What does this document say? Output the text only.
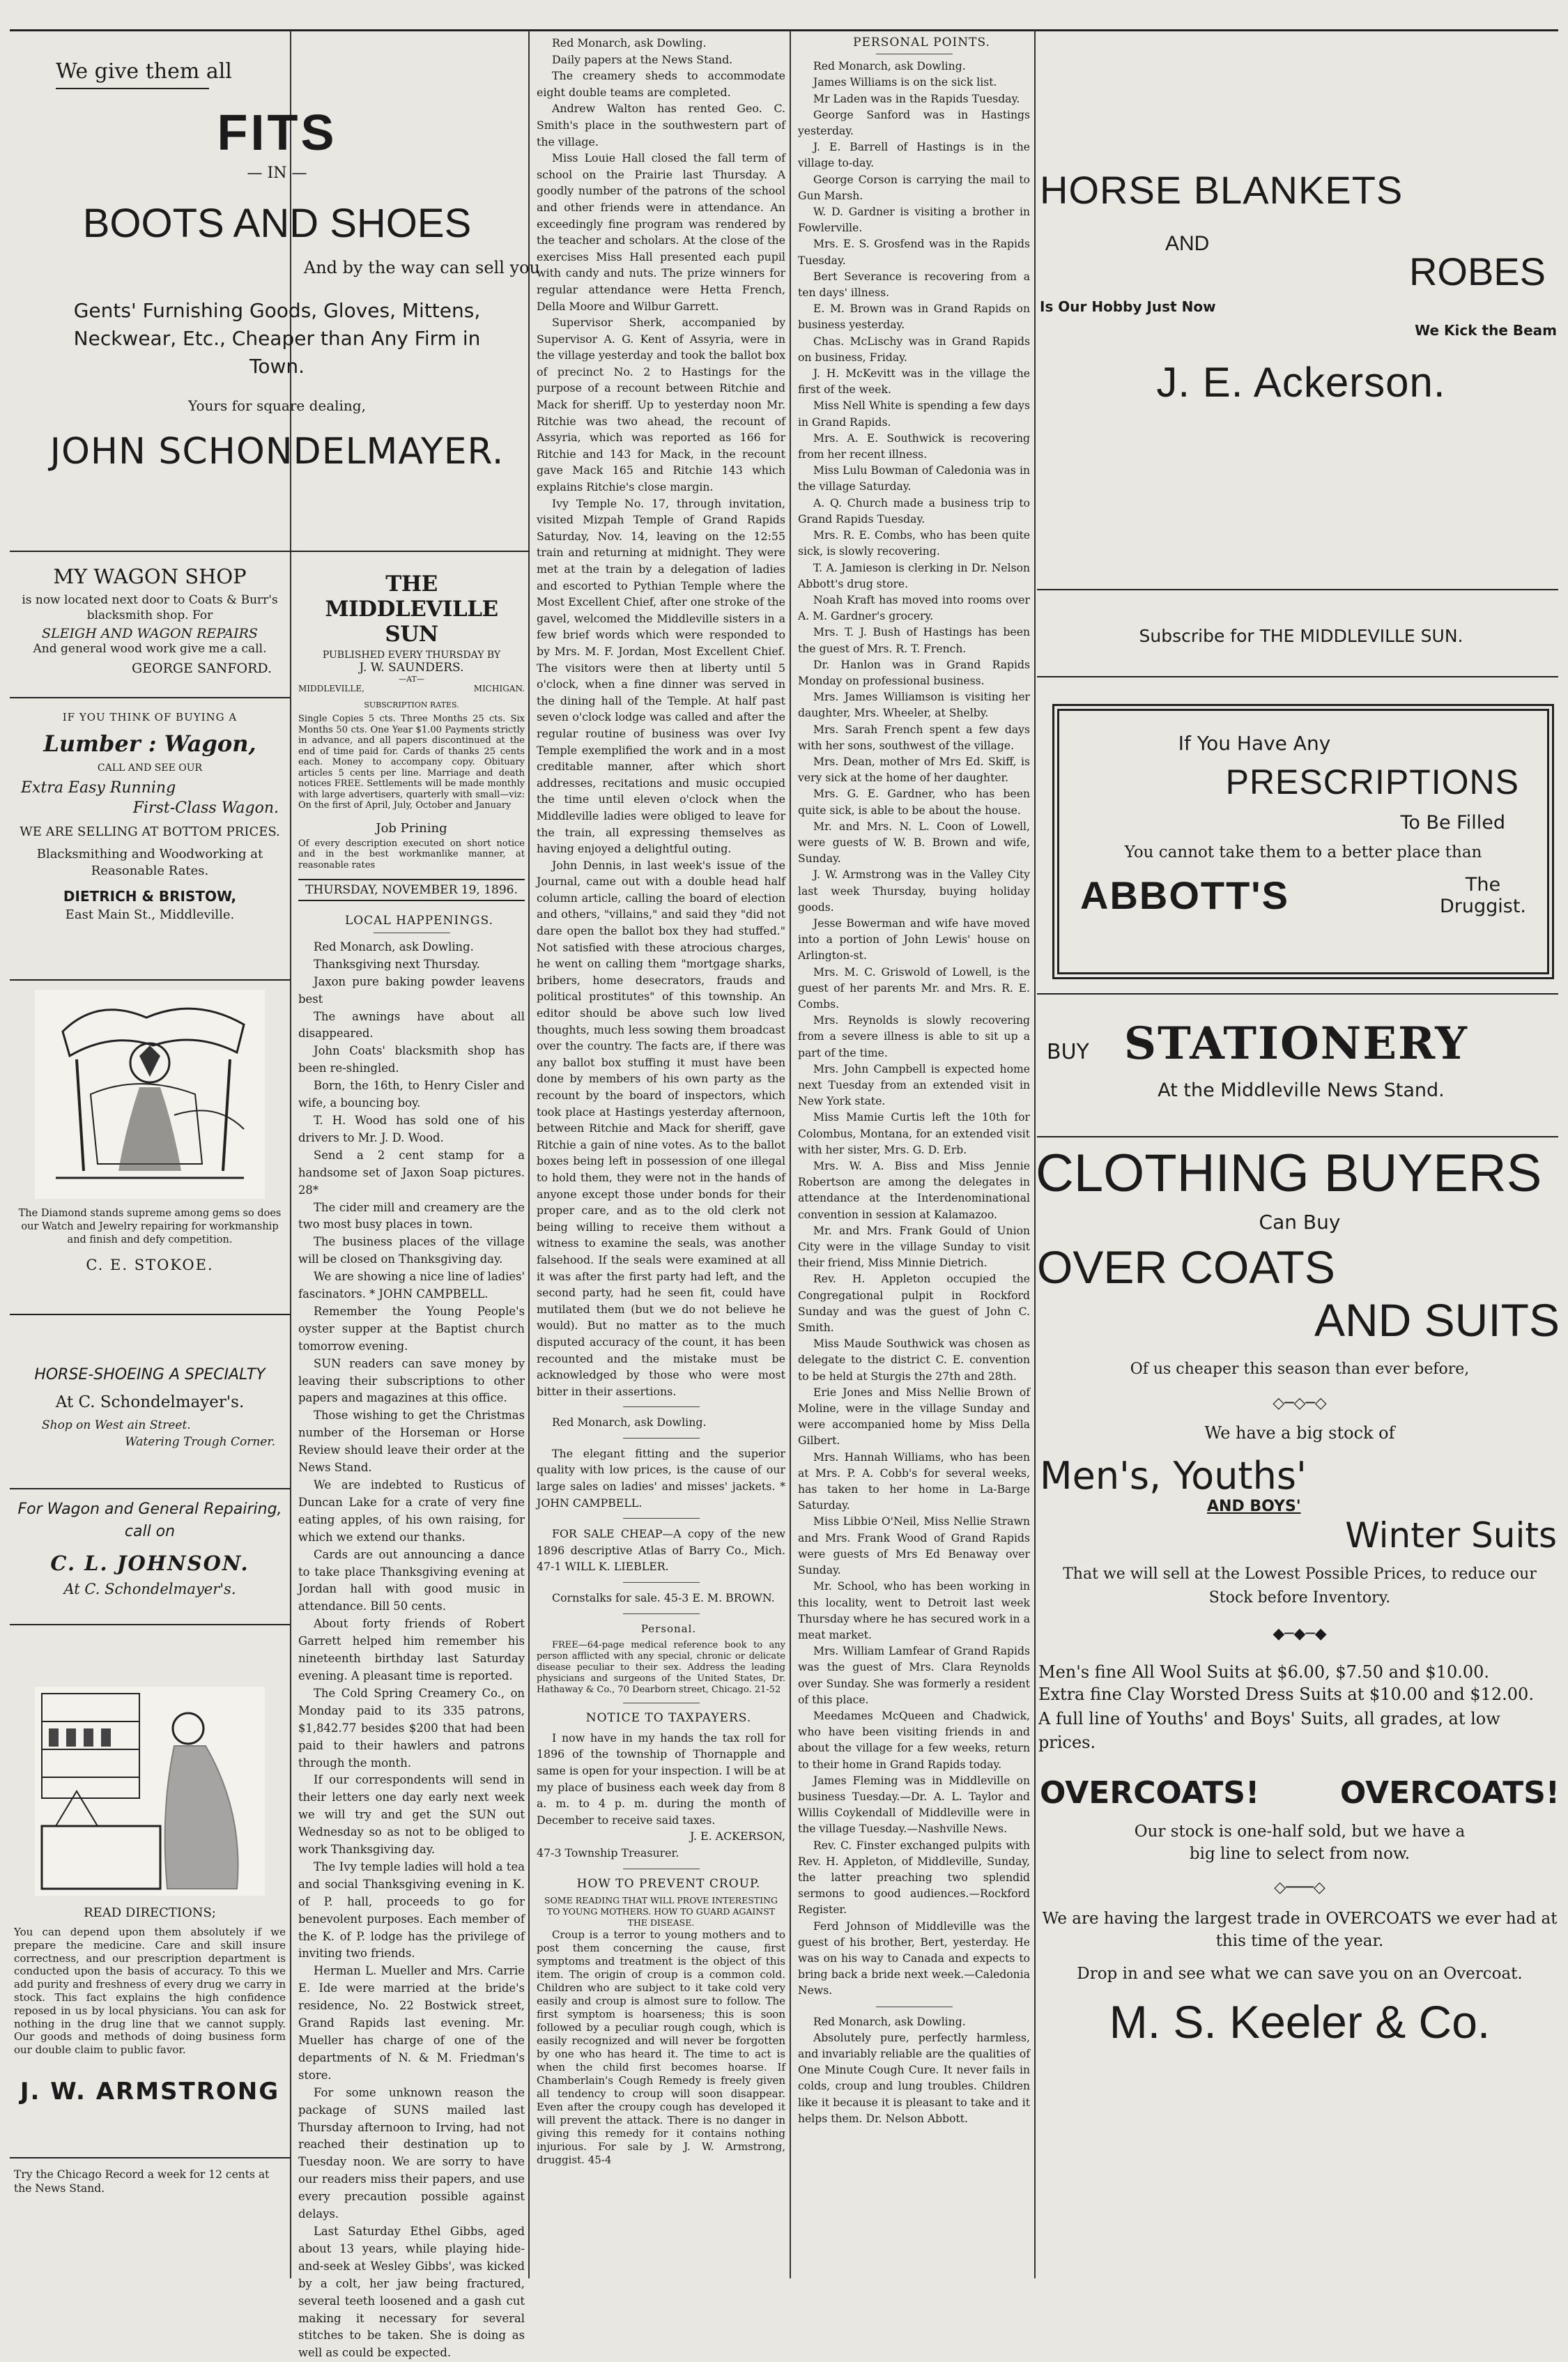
We give them all

FITS

— IN —

BOOTS AND SHOES

And by the way can sell you

Gents' Furnishing Goods, Gloves, Mittens, Neckwear, Etc., Cheaper than Any Firm in Town.

Yours for square dealing,

JOHN SCHONDELMAYER.

MY WAGON SHOP

is now located next door to Coats & Burr's blacksmith shop. For

SLEIGH AND WAGON REPAIRS

And general wood work give me a call.

GEORGE SANFORD.

IF YOU THINK OF BUYING A

Lumber : Wagon,

CALL AND SEE OUR

Extra Easy Running

First-Class Wagon.

WE ARE SELLING AT BOTTOM PRICES.

Blacksmithing and Woodworking at Reasonable Rates.

DIETRICH & BRISTOW,

East Main St., Middleville.

The Diamond stands supreme among gems so does our Watch and Jewelry repairing for workmanship and finish and defy competition.

C. E. STOKOE.

HORSE-SHOEING A SPECIALTY

At C. Schondelmayer's.

Shop on West ain Street.

Watering Trough Corner.

For Wagon and General Repairing, call on

C. L. JOHNSON.

At C. Schondelmayer's.

READ DIRECTIONS;

You can depend upon them absolutely if we prepare the medicine. Care and skill insure correctness, and our prescription department is conducted upon the basis of accuracy. To this we add purity and freshness of every drug we carry in stock. This fact explains the high confidence reposed in us by local physicians. You can ask for nothing in the drug line that we cannot supply. Our goods and methods of doing business form our double claim to public favor.

J. W. ARMSTRONG

Try the Chicago Record a week for 12 cents at the News Stand.

THE MIDDLEVILLE SUN

PUBLISHED EVERY THURSDAY BY

J. W. SAUNDERS.

—AT—

MIDDLEVILLE,	MICHIGAN.

SUBSCRIPTION RATES.

Single Copies 5 cts. Three Months 25 cts. Six Months 50 cts. One Year $1.00 Payments strictly in advance, and all papers discontinued at the end of time paid for. Cards of thanks 25 cents each. Money to accompany copy. Obituary articles 5 cents per line. Marriage and death notices FREE. Settlements will be made monthly with large advertisers, quarterly with small—viz: On the first of April, July, October and January

Job Prining

Of every description executed on short notice and in the best workmanlike manner, at reasonable rates

THURSDAY, NOVEMBER 19, 1896.

LOCAL HAPPENINGS.

Red Monarch, ask Dowling.

Thanksgiving next Thursday.

Jaxon pure baking powder leavens best

The awnings have about all disappeared.

John Coats' blacksmith shop has been re-shingled.

Born, the 16th, to Henry Cisler and wife, a bouncing boy.

T. H. Wood has sold one of his drivers to Mr. J. D. Wood.

Send a 2 cent stamp for a handsome set of Jaxon Soap pictures. 28*

The cider mill and creamery are the two most busy places in town.

The business places of the village will be closed on Thanksgiving day.

We are showing a nice line of ladies' fascinators. * JOHN CAMPBELL.

Remember the Young People's oyster supper at the Baptist church tomorrow evening.

SUN readers can save money by leaving their subscriptions to other papers and magazines at this office.

Those wishing to get the Christmas number of the Horseman or Horse Review should leave their order at the News Stand.

We are indebted to Rusticus of Duncan Lake for a crate of very fine eating apples, of his own raising, for which we extend our thanks.

Cards are out announcing a dance to take place Thanksgiving evening at Jordan hall with good music in attendance. Bill 50 cents.

About forty friends of Robert Garrett helped him remember his nineteenth birthday last Saturday evening. A pleasant time is reported.

The Cold Spring Creamery Co., on Monday paid to its 335 patrons, $1,842.77 besides $200 that had been paid to their hawlers and patrons through the month.

If our correspondents will send in their letters one day early next week we will try and get the SUN out Wednesday so as not to be obliged to work Thanksgiving day.

The Ivy temple ladies will hold a tea and social Thanksgiving evening in K. of P. hall, proceeds to go for benevolent purposes. Each member of the K. of P. lodge has the privilege of inviting two friends.

Herman L. Mueller and Mrs. Carrie E. Ide were married at the bride's residence, No. 22 Bostwick street, Grand Rapids last evening. Mr. Mueller has charge of one of the departments of N. & M. Friedman's store.

For some unknown reason the package of SUNS mailed last Thursday afternoon to Irving, had not reached their destination up to Tuesday noon. We are sorry to have our readers miss their papers, and use every precaution possible against delays.

Last Saturday Ethel Gibbs, aged about 13 years, while playing hide-and-seek at Wesley Gibbs', was kicked by a colt, her jaw being fractured, several teeth loosened and a gash cut making it necessary for several stitches to be taken. She is doing as well as could be expected.

Red Monarch, ask Dowling.

Daily papers at the News Stand.

The creamery sheds to accommodate eight double teams are completed.

Andrew Walton has rented Geo. C. Smith's place in the southwestern part of the village.

Miss Louie Hall closed the fall term of school on the Prairie last Thursday. A goodly number of the patrons of the school and other friends were in attendance. An exceedingly fine program was rendered by the teacher and scholars. At the close of the exercises Miss Hall presented each pupil with candy and nuts. The prize winners for regular attendance were Hetta French, Della Moore and Wilbur Garrett.

Supervisor Sherk, accompanied by Supervisor A. G. Kent of Assyria, were in the village yesterday and took the ballot box of precinct No. 2 to Hastings for the purpose of a recount between Ritchie and Mack for sheriff. Up to yesterday noon Mr. Ritchie was two ahead, the recount of Assyria, which was reported as 166 for Ritchie and 143 for Mack, in the recount gave Mack 165 and Ritchie 143 which explains Ritchie's close margin.

Ivy Temple No. 17, through invitation, visited Mizpah Temple of Grand Rapids Saturday, Nov. 14, leaving on the 12:55 train and returning at midnight. They were met at the train by a delegation of ladies and escorted to Pythian Temple where the Most Excellent Chief, after one stroke of the gavel, welcomed the Middleville sisters in a few brief words which were responded to by Mrs. M. F. Jordan, Most Excellent Chief. The visitors were then at liberty until 5 o'clock, when a fine dinner was served in the dining hall of the Temple. At half past seven o'clock lodge was called and after the regular routine of business was over Ivy Temple exemplified the work and in a most creditable manner, after which short addresses, recitations and music occupied the time until eleven o'clock when the Middleville ladies were obliged to leave for the train, all expressing themselves as having enjoyed a delightful outing.

John Dennis, in last week's issue of the Journal, came out with a double head half column article, calling the board of election and others, "villains," and said they "did not dare open the ballot box they had stuffed." Not satisfied with these atrocious charges, he went on calling them "mortgage sharks, bribers, home desecrators, frauds and political prostitutes" of this township. An editor should be above such low lived thoughts, much less sowing them broadcast over the country. The facts are, if there was any ballot box stuffing it must have been done by members of his own party as the recount by the board of inspectors, which took place at Hastings yesterday afternoon, between Ritchie and Mack for sheriff, gave Ritchie a gain of nine votes. As to the ballot boxes being left in possession of one illegal to hold them, they were not in the hands of anyone except those under bonds for their proper care, and as to the old clerk not being willing to receive them without a witness to examine the seals, was another falsehood. If the seals were examined at all it was after the first party had left, and the second party, had he seen fit, could have mutilated them (but we do not believe he would). But no matter as to the much disputed accuracy of the count, it has been recounted and the mistake must be acknowledged by those who were most bitter in their assertions.

Red Monarch, ask Dowling.

The elegant fitting and the superior quality with low prices, is the cause of our large sales on ladies' and misses' jackets. * JOHN CAMPBELL.

FOR SALE CHEAP—A copy of the new 1896 descriptive Atlas of Barry Co., Mich. 47-1 WILL K. LIEBLER.

Cornstalks for sale. 45-3 E. M. BROWN.

Personal.

FREE—64-page medical reference book to any person afflicted with any special, chronic or delicate disease peculiar to their sex. Address the leading physicians and surgeons of the United States, Dr. Hathaway & Co., 70 Dearborn street, Chicago. 21-52

NOTICE TO TAXPAYERS.

I now have in my hands the tax roll for 1896 of the township of Thornapple and same is open for your inspection. I will be at my place of business each week day from 8 a. m. to 4 p. m. during the month of December to receive said taxes.

J. E. ACKERSON,

47-3 Township Treasurer.

HOW TO PREVENT CROUP.

SOME READING THAT WILL PROVE INTERESTING TO YOUNG MOTHERS. HOW TO GUARD AGAINST THE DISEASE.

Croup is a terror to young mothers and to post them concerning the cause, first symptoms and treatment is the object of this item. The origin of croup is a common cold. Children who are subject to it take cold very easily and croup is almost sure to follow. The first symptom is hoarseness; this is soon followed by a peculiar rough cough, which is easily recognized and will never be forgotten by one who has heard it. The time to act is when the child first becomes hoarse. If Chamberlain's Cough Remedy is freely given all tendency to croup will soon disappear. Even after the croupy cough has developed it will prevent the attack. There is no danger in giving this remedy for it contains nothing injurious. For sale by J. W. Armstrong, druggist. 45-4

PERSONAL POINTS.

Red Monarch, ask Dowling.

James Williams is on the sick list.

Mr Laden was in the Rapids Tuesday.

George Sanford was in Hastings yesterday.

J. E. Barrell of Hastings is in the village to-day.

George Corson is carrying the mail to Gun Marsh.

W. D. Gardner is visiting a brother in Fowlerville.

Mrs. E. S. Grosfend was in the Rapids Tuesday.

Bert Severance is recovering from a ten days' illness.

E. M. Brown was in Grand Rapids on business yesterday.

Chas. McLischy was in Grand Rapids on business, Friday.

J. H. McKevitt was in the village the first of the week.

Miss Nell White is spending a few days in Grand Rapids.

Mrs. A. E. Southwick is recovering from her recent illness.

Miss Lulu Bowman of Caledonia was in the village Saturday.

A. Q. Church made a business trip to Grand Rapids Tuesday.

Mrs. R. E. Combs, who has been quite sick, is slowly recovering.

T. A. Jamieson is clerking in Dr. Nelson Abbott's drug store.

Noah Kraft has moved into rooms over A. M. Gardner's grocery.

Mrs. T. J. Bush of Hastings has been the guest of Mrs. R. T. French.

Dr. Hanlon was in Grand Rapids Monday on professional business.

Mrs. James Williamson is visiting her daughter, Mrs. Wheeler, at Shelby.

Mrs. Sarah French spent a few days with her sons, southwest of the village.

Mrs. Dean, mother of Mrs Ed. Skiff, is very sick at the home of her daughter.

Mrs. G. E. Gardner, who has been quite sick, is able to be about the house.

Mr. and Mrs. N. L. Coon of Lowell, were guests of W. B. Brown and wife, Sunday.

J. W. Armstrong was in the Valley City last week Thursday, buying holiday goods.

Jesse Bowerman and wife have moved into a portion of John Lewis' house on Arlington-st.

Mrs. M. C. Griswold of Lowell, is the guest of her parents Mr. and Mrs. R. E. Combs.

Mrs. Reynolds is slowly recovering from a severe illness is able to sit up a part of the time.

Mrs. John Campbell is expected home next Tuesday from an extended visit in New York state.

Miss Mamie Curtis left the 10th for Colombus, Montana, for an extended visit with her sister, Mrs. G. D. Erb.

Mrs. W. A. Biss and Miss Jennie Robertson are among the delegates in attendance at the Interdenominational convention in session at Kalamazoo.

Mr. and Mrs. Frank Gould of Union City were in the village Sunday to visit their friend, Miss Minnie Dietrich.

Rev. H. Appleton occupied the Congregational pulpit in Rockford Sunday and was the guest of John C. Smith.

Miss Maude Southwick was chosen as delegate to the district C. E. convention to be held at Sturgis the 27th and 28th.

Erie Jones and Miss Nellie Brown of Moline, were in the village Sunday and were accompanied home by Miss Della Gilbert.

Mrs. Hannah Williams, who has been at Mrs. P. A. Cobb's for several weeks, has taken to her home in La-Barge Saturday.

Miss Libbie O'Neil, Miss Nellie Strawn and Mrs. Frank Wood of Grand Rapids were guests of Mrs Ed Benaway over Sunday.

Mr. School, who has been working in this locality, went to Detroit last week Thursday where he has secured work in a meat market.

Mrs. William Lamfear of Grand Rapids was the guest of Mrs. Clara Reynolds over Sunday. She was formerly a resident of this place.

Meedames McQueen and Chadwick, who have been visiting friends in and about the village for a few weeks, return to their home in Grand Rapids today.

James Fleming was in Middleville on business Tuesday.—Dr. A. L. Taylor and Willis Coykendall of Middleville were in the village Tuesday.—Nashville News.

Rev. C. Finster exchanged pulpits with Rev. H. Appleton, of Middleville, Sunday, the latter preaching two splendid sermons to good audiences.—Rockford Register.

Ferd Johnson of Middleville was the guest of his brother, Bert, yesterday. He was on his way to Canada and expects to bring back a bride next week.—Caledonia News.

Red Monarch, ask Dowling.

Absolutely pure, perfectly harmless, and invariably reliable are the qualities of One Minute Cough Cure. It never fails in colds, croup and lung troubles. Children like it because it is pleasant to take and it helps them. Dr. Nelson Abbott.

HORSE BLANKETS

AND

ROBES

Is Our Hobby Just Now

We Kick the Beam

J. E. Ackerson.

Subscribe for THE MIDDLEVILLE SUN.

If You Have Any

PRESCRIPTIONS

To Be Filled

You cannot take them to a better place than

ABBOTT'S	The

Druggist.

BUY STATIONERY

At the Middleville News Stand.

CLOTHING BUYERS

Can Buy

OVER COATS

AND SUITS

Of us cheaper this season than ever before,

◇─◇─◇

We have a big stock of

Men's, Youths'

AND BOYS'

Winter Suits

That we will sell at the Lowest Possible Prices, to reduce our Stock before Inventory.

◆─◆─◆

Men's fine All Wool Suits at $6.00, $7.50 and $10.00.

Extra fine Clay Worsted Dress Suits at $10.00 and $12.00.

A full line of Youths' and Boys' Suits, all grades, at low prices.

OVERCOATS!	OVERCOATS!

Our stock is one-half sold, but we have a big line to select from now.

◇───◇

We are having the largest trade in OVERCOATS we ever had at this time of the year.

Drop in and see what we can save you on an Overcoat.

M. S. Keeler & Co.
